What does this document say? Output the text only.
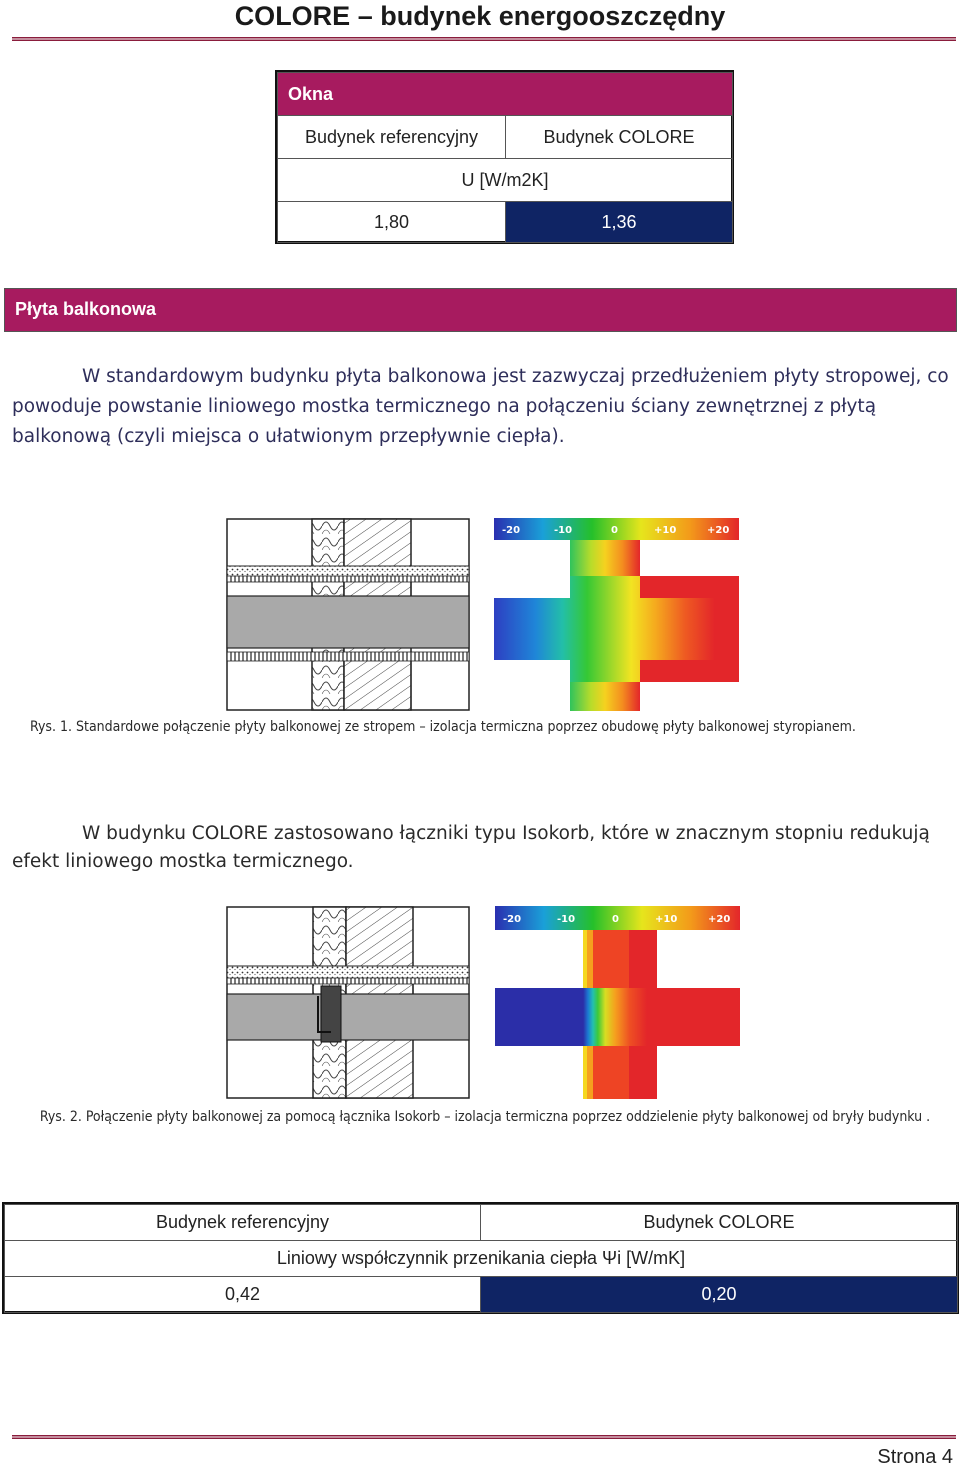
COLORE – budynek energooszczędny
Okna	
Budynek referencyjny	Budynek COLORE
U [W/m2K]	
1,80	1,36
Płyta balkonowa

W standardowym budynku płyta balkonowa jest zazwyczaj przedłużeniem płyty stropowej, co powoduje powstanie liniowego mostka termicznego na połączeniu ściany zewnętrznej z płytą balkonową (czyli miejsca o ułatwionym przepływnie ciepła).

-20	-10	0	+10	+20
Rys. 1. Standardowe połączenie płyty balkonowej ze stropem – izolacja termiczna poprzez obudowę płyty balkonowej styropianem.

W budynku COLORE zastosowano łączniki typu Isokorb, które w znacznym stopniu redukują efekt liniowego mostka termicznego.

-20	-10	0	+10	+20
Rys. 2. Połączenie płyty balkonowej za pomocą łącznika Isokorb – izolacja termiczna poprzez oddzielenie płyty balkonowej od bryły budynku .
Budynek referencyjny	Budynek COLORE
Liniowy współczynnik przenikania ciepła Ψi [W/mK]	
0,42	0,20
Strona 4
